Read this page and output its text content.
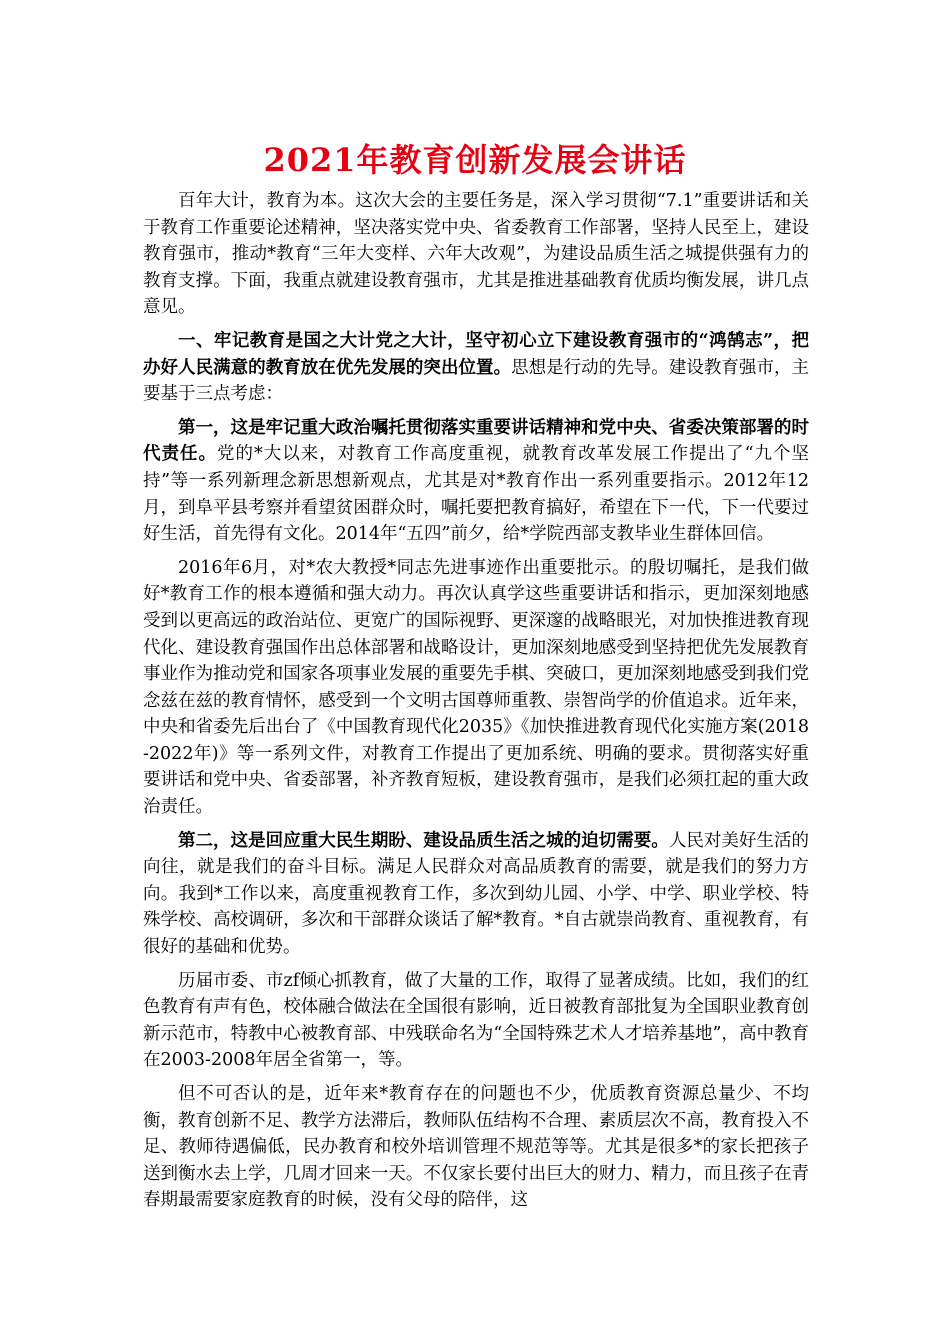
2021年教育创新发展会讲话

百年大计，教育为本。这次大会的主要任务是，深入学习贯彻“7.1”重要讲话和关于教育工作重要论述精神，坚决落实党中央、省委教育工作部署，坚持人民至上，建设教育强市，推动*教育“三年大变样、六年大改观”，为建设品质生活之城提供强有力的教育支撑。下面，我重点就建设教育强市，尤其是推进基础教育优质均衡发展，讲几点意见。

一、牢记教育是国之大计党之大计，坚守初心立下建设教育强市的“鸿鹄志”，把办好人民满意的教育放在优先发展的突出位置。思想是行动的先导。建设教育强市，主要基于三点考虑：

第一，这是牢记重大政治嘱托贯彻落实重要讲话精神和党中央、省委决策部署的时代责任。党的*大以来，对教育工作高度重视，就教育改革发展工作提出了“九个坚持”等一系列新理念新思想新观点，尤其是对*教育作出一系列重要指示。2012年12月，到阜平县考察并看望贫困群众时，嘱托要把教育搞好，希望在下一代，下一代要过好生活，首先得有文化。2014年“五四”前夕，给*学院西部支教毕业生群体回信。

2016年6月，对*农大教授*同志先进事迹作出重要批示。的殷切嘱托，是我们做好*教育工作的根本遵循和强大动力。再次认真学这些重要讲话和指示，更加深刻地感受到以更高远的政治站位、更宽广的国际视野、更深邃的战略眼光，对加快推进教育现代化、建设教育强国作出总体部署和战略设计，更加深刻地感受到坚持把优先发展教育事业作为推动党和国家各项事业发展的重要先手棋、突破口，更加深刻地感受到我们党念兹在兹的教育情怀，感受到一个文明古国尊师重教、崇智尚学的价值追求。近年来，中央和省委先后出台了《中国教育现代化2035》《加快推进教育现代化实施方案(2018-2022年)》等一系列文件，对教育工作提出了更加系统、明确的要求。贯彻落实好重要讲话和党中央、省委部署，补齐教育短板，建设教育强市，是我们必须扛起的重大政治责任。

第二，这是回应重大民生期盼、建设品质生活之城的迫切需要。人民对美好生活的向往，就是我们的奋斗目标。满足人民群众对高品质教育的需要，就是我们的努力方向。我到*工作以来，高度重视教育工作，多次到幼儿园、小学、中学、职业学校、特殊学校、高校调研，多次和干部群众谈话了解*教育。*自古就崇尚教育、重视教育，有很好的基础和优势。

历届市委、市zf倾心抓教育，做了大量的工作，取得了显著成绩。比如，我们的红色教育有声有色，校体融合做法在全国很有影响，近日被教育部批复为全国职业教育创新示范市，特教中心被教育部、中残联命名为“全国特殊艺术人才培养基地”，高中教育在2003-2008年居全省第一，等。

但不可否认的是，近年来*教育存在的问题也不少，优质教育资源总量少、不均衡，教育创新不足、教学方法滞后，教师队伍结构不合理、素质层次不高，教育投入不足、教师待遇偏低，民办教育和校外培训管理不规范等等。尤其是很多*的家长把孩子送到衡水去上学，几周才回来一天。不仅家长要付出巨大的财力、精力，而且孩子在青春期最需要家庭教育的时候，没有父母的陪伴，这
